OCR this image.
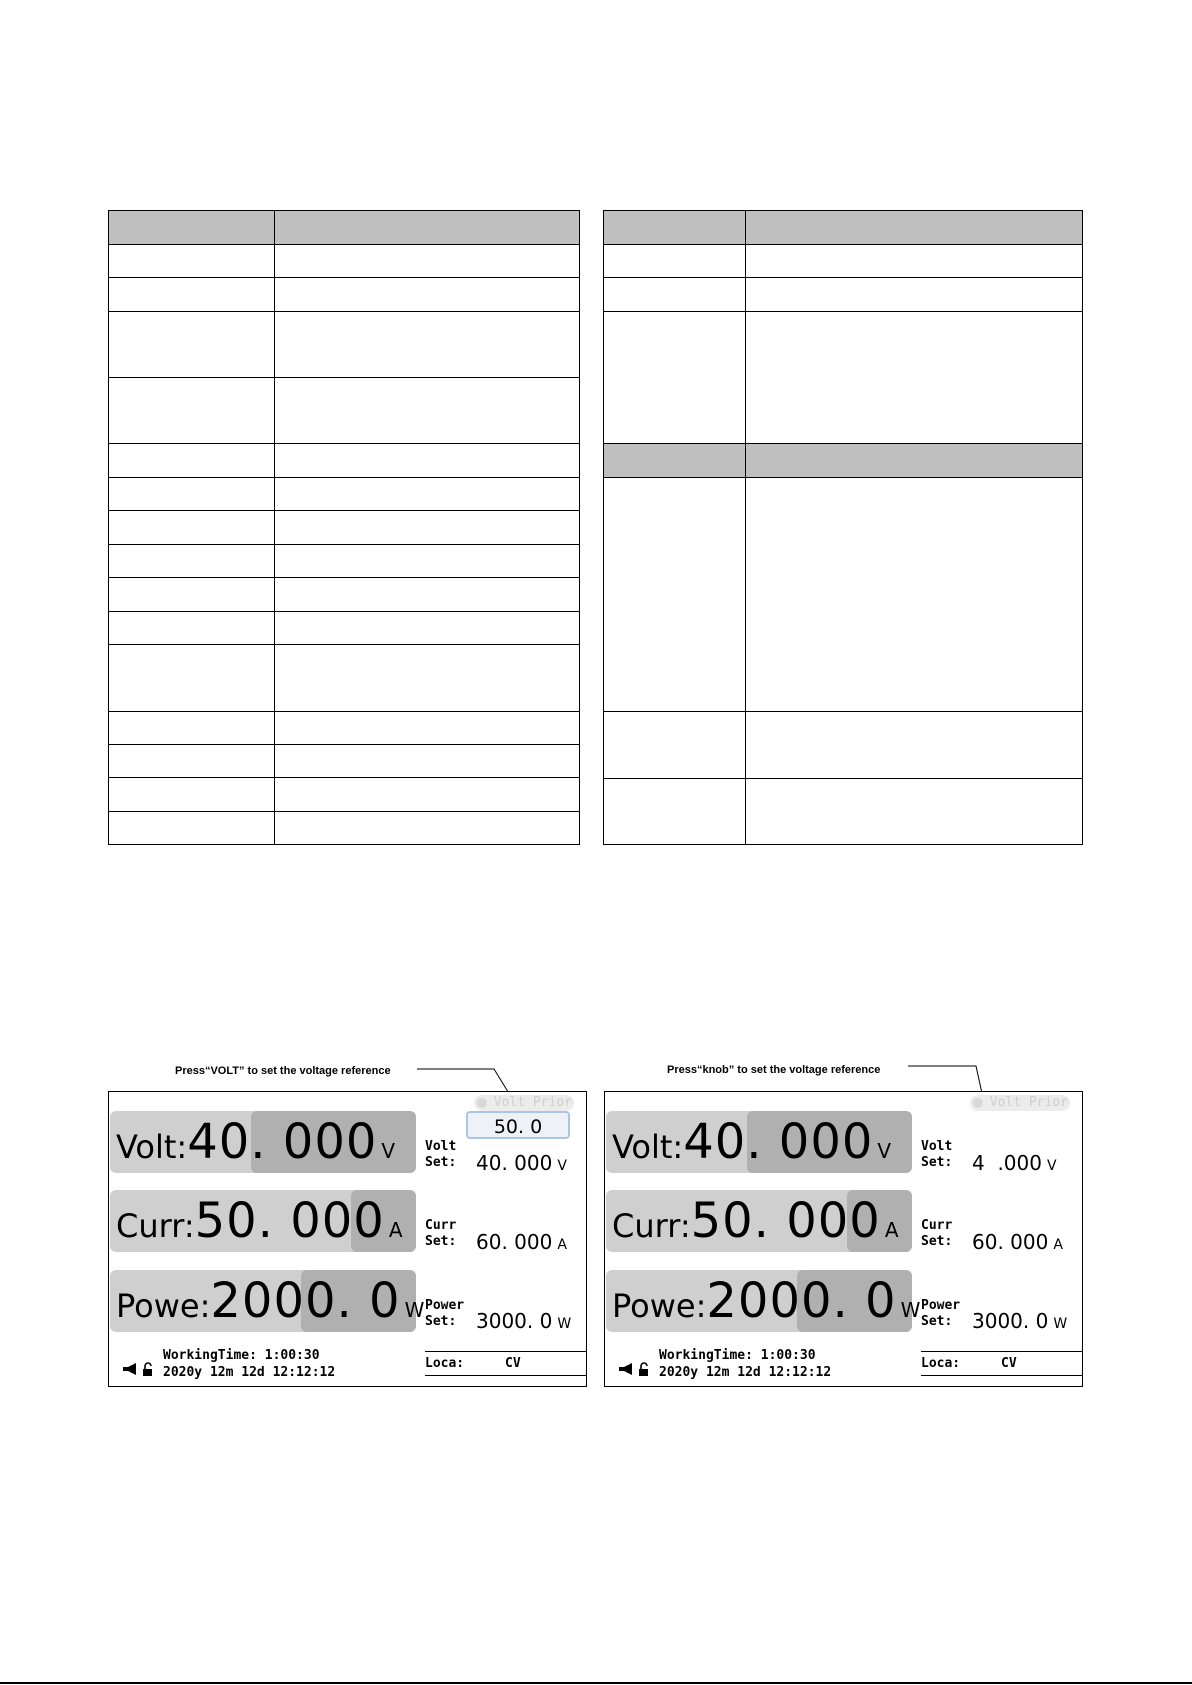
Press“VOLT” to set the voltage reference	Press“knob” to set the voltage reference
Volt Prior
50. 0
Volt:40. 000 V
Curr:50. 000 A
Powe:2000. 0 W
Volt
Set: 40. 000 V
Curr
Set: 60. 000 A
Power
Set: 3000. 0 W
WorkingTime: 1:00:30
2020y 12m 12d 12:12:12
Loca:	CV
Volt Prior
Volt:40. 000 V
Curr:50. 000 A
Powe:2000. 0 W
Volt
Set: 4  .000 V
Curr
Set: 60. 000 A
Power
Set: 3000. 0 W
WorkingTime: 1:00:30
2020y 12m 12d 12:12:12
Loca:	CV
